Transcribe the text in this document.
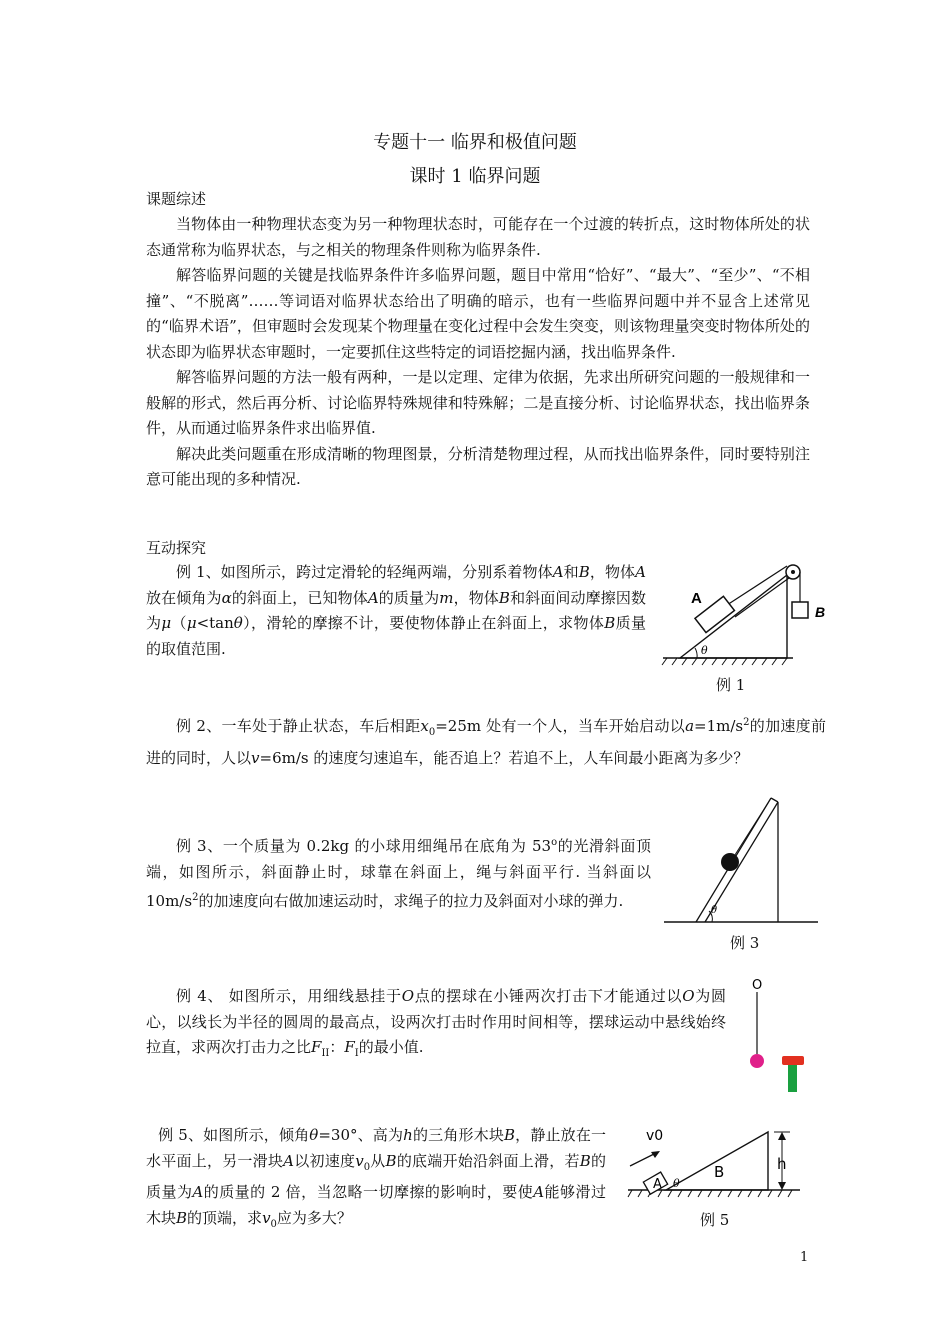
专题十一 临界和极值问题
课时 1 临界问题
课题综述

当物体由一种物理状态变为另一种物理状态时，可能存在一个过渡的转折点，这时物体所处的状态通常称为临界状态，与之相关的物理条件则称为临界条件.

解答临界问题的关键是找临界条件许多临界问题，题目中常用“恰好”、“最大”、“至少”、“不相撞”、“不脱离”……等词语对临界状态给出了明确的暗示，也有一些临界问题中并不显含上述常见的“临界术语”，但审题时会发现某个物理量在变化过程中会发生突变，则该物理量突变时物体所处的状态即为临界状态审题时，一定要抓住这些特定的词语挖掘内涵，找出临界条件.

解答临界问题的方法一般有两种，一是以定理、定律为依据，先求出所研究问题的一般规律和一般解的形式，然后再分析、讨论临界特殊规律和特殊解；二是直接分析、讨论临界状态，找出临界条件，从而通过临界条件求出临界值.

解决此类问题重在形成清晰的物理图景，分析清楚物理过程，从而找出临界条件，同时要特别注意可能出现的多种情况.

互动探究

例 1、如图所示，跨过定滑轮的轻绳两端，分别系着物体A和B，物体A放在倾角为α的斜面上，已知物体A的质量为m，物体B和斜面间动摩擦因数为μ（μ<tanθ），滑轮的摩擦不计，要使物体静止在斜面上，求物体B质量的取值范围.

A
B
θ
例 1

例 2、一车处于静止状态，车后相距$x_0=25m$ 处有一个人，当车开始启动以$a=1m/s^2$的加速度前进的同时，人以v=6m/s 的速度匀速追车，能否追上？若追不上，人车间最小距离为多少？

例 3、一个质量为 0.2kg 的小球用细绳吊在底角为 53$^o$的光滑斜面顶端，如图所示，斜面静止时，球靠在斜面上，绳与斜面平行. 当斜面以 $10m/s^2$的加速度向右做加速运动时，求绳子的拉力及斜面对小球的弹力.

θ
例 3

例 4、 如图所示，用细线悬挂于O点的摆球在小锤两次打击下才能通过以O为圆心，以线长为半径的圆周的最高点，设两次打击时作用时间相等，摆球运动中悬线始终拉直，求两次打击力之比$F_{II}$：$F_I$的最小值.

O

例 5、如图所示，倾角θ=30°、高为h的三角形木块B，静止放在一水平面上，另一滑块A以初速度$v_0$从B的底端开始沿斜面上滑，若B的质量为A的质量的 2 倍，当忽略一切摩擦的影响时，要使A能够滑过木块B的顶端，求$v_0$应为多大？

v0
A
B	h
θ
例 5
1
